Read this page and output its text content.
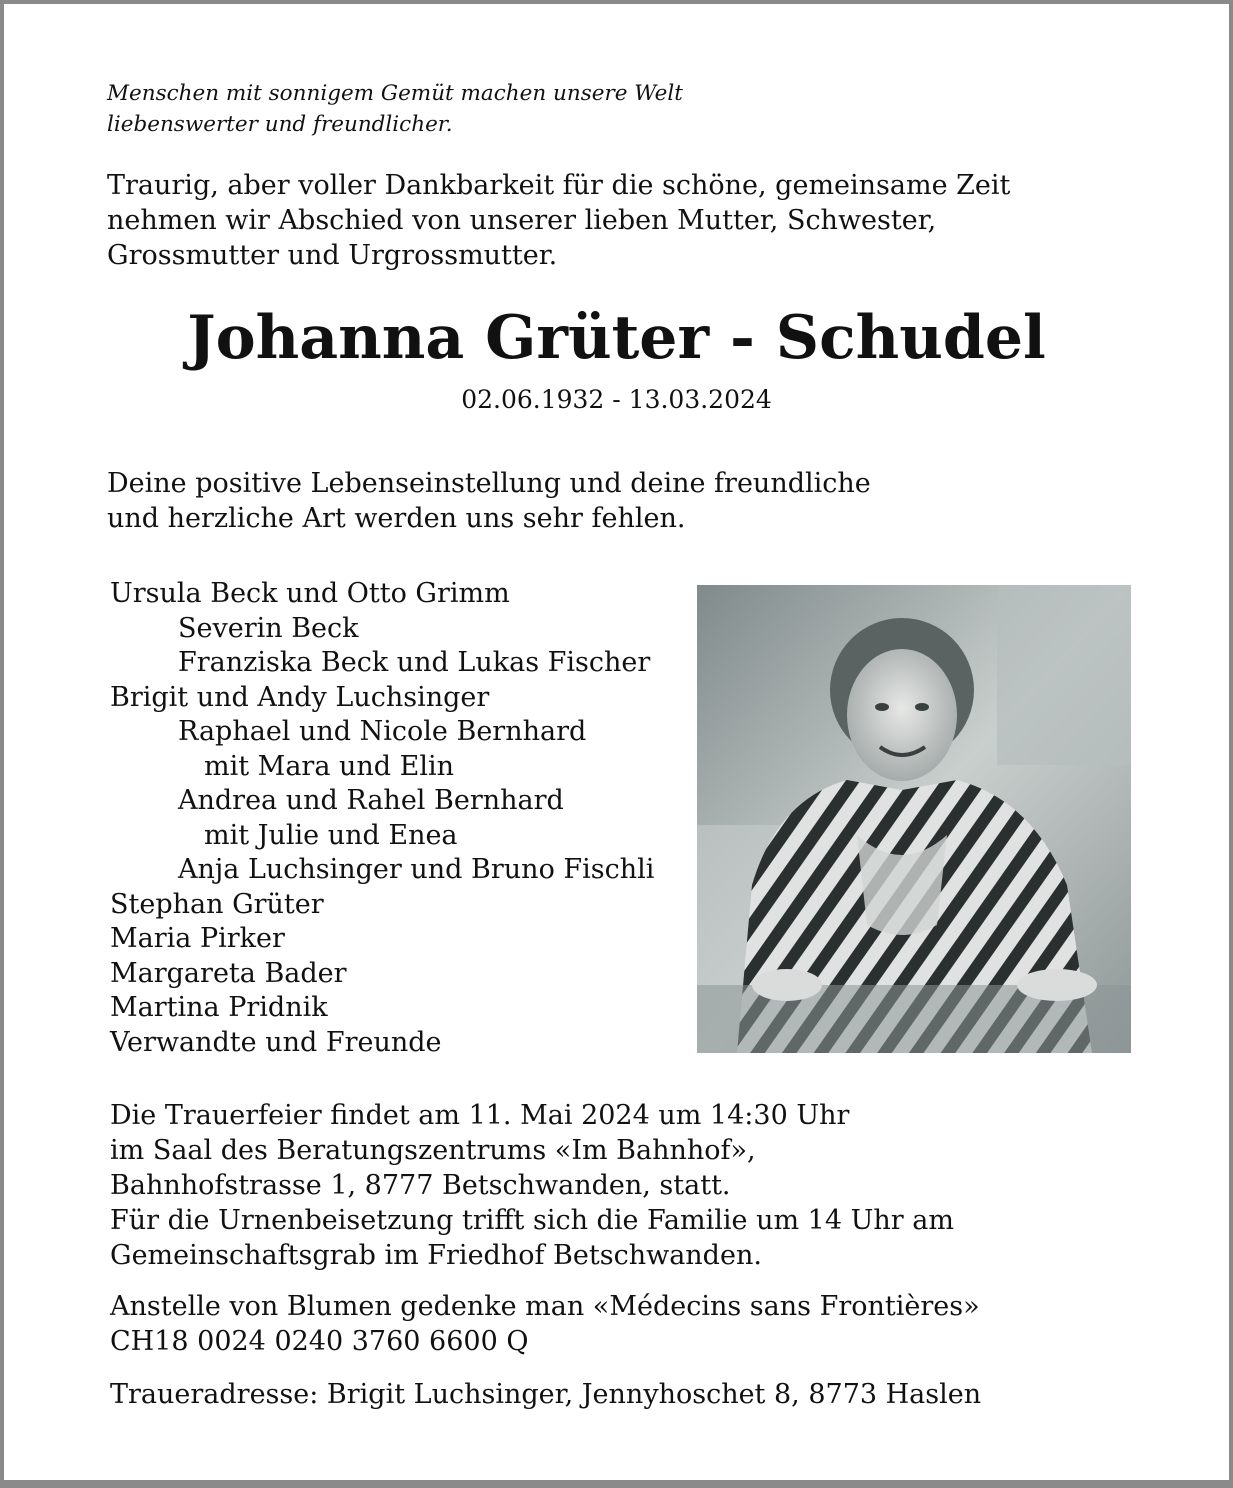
Menschen mit sonnigem Gemüt machen unsere Welt
liebenswerter und freundlicher.
Traurig, aber voller Dankbarkeit für die schöne, gemeinsame Zeit
nehmen wir Abschied von unserer lieben Mutter, Schwester,
Grossmutter und Urgrossmutter.
Johanna Grüter - Schudel
02.06.1932 - 13.03.2024
Deine positive Lebenseinstellung und deine freundliche
und herzliche Art werden uns sehr fehlen.
Ursula Beck und Otto Grimm
Severin Beck
Franziska Beck und Lukas Fischer
Brigit und Andy Luchsinger
Raphael und Nicole Bernhard
mit Mara und Elin
Andrea und Rahel Bernhard
mit Julie und Enea
Anja Luchsinger und Bruno Fischli
Stephan Grüter
Maria Pirker
Margareta Bader
Martina Pridnik
Verwandte und Freunde
Die Trauerfeier findet am 11. Mai 2024 um 14:30 Uhr
im Saal des Beratungszentrums «Im Bahnhof»,
Bahnhofstrasse 1, 8777 Betschwanden, statt.
Für die Urnenbeisetzung trifft sich die Familie um 14 Uhr am
Gemeinschaftsgrab im Friedhof Betschwanden.
Anstelle von Blumen gedenke man «Médecins sans Frontières»
CH18 0024 0240 3760 6600 Q
Traueradresse: Brigit Luchsinger, Jennyhoschet 8, 8773 Haslen
